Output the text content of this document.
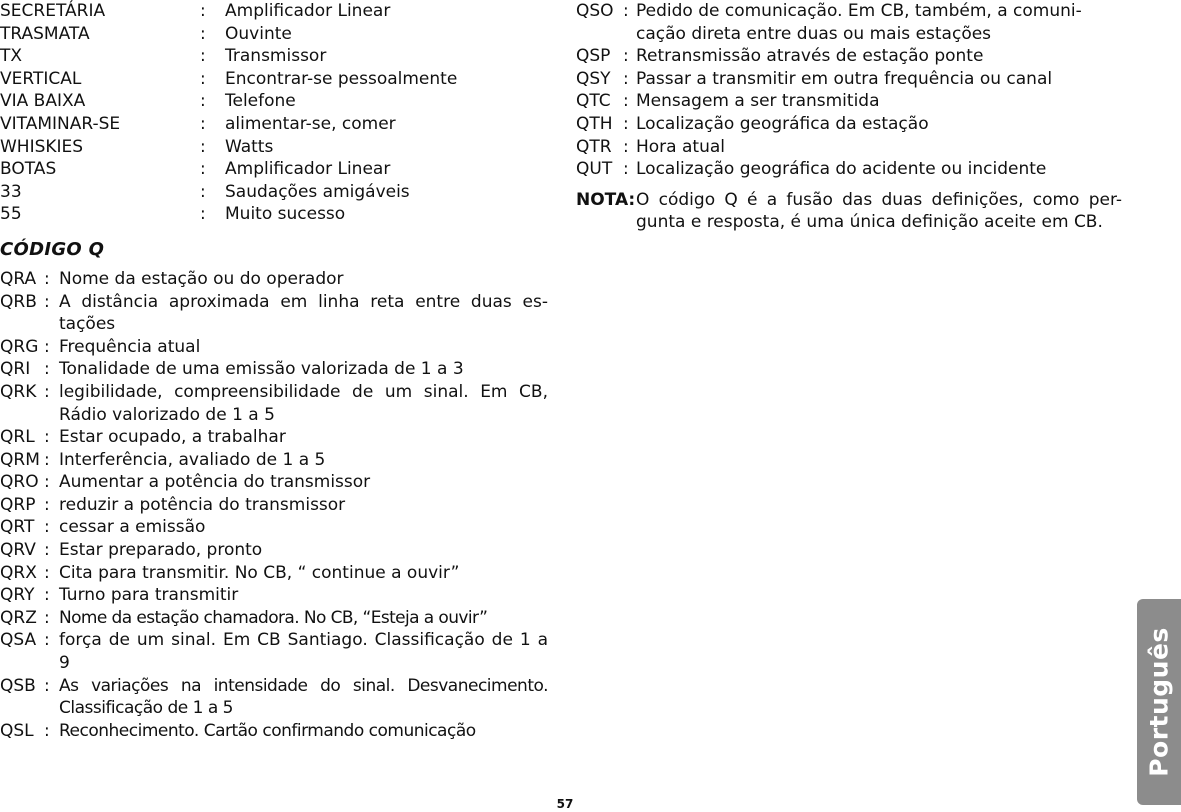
SECRETÁRIA	:	Amplificador Linear
TRASMATA	:	Ouvinte
TX	:	Transmissor
VERTICAL	:	Encontrar-se pessoalmente
VIA BAIXA	:	Telefone
VITAMINAR-SE	:	alimentar-se, comer
WHISKIES	:	Watts
BOTAS	:	Amplificador Linear
33	:	Saudações amigáveis
55	:	Muito sucesso
CÓDIGO Q
QRA : Nome da estação ou do operador
QRB : A distância aproximada em linha reta entre duas es-tações
QRG : Frequência atual
QRI : Tonalidade de uma emissão valorizada de 1 a 3
QRK : legibilidade, compreensibilidade de um sinal. Em CB, Rádio valorizado de 1 a 5
QRL : Estar ocupado, a trabalhar
QRM : Interferência, avaliado de 1 a 5
QRO : Aumentar a potência do transmissor
QRP : reduzir a potência do transmissor
QRT : cessar a emissão
QRV : Estar preparado, pronto
QRX : Cita para transmitir. No CB, “ continue a ouvir”
QRY : Turno para transmitir
QRZ : Nome da estação chamadora. No CB, “Esteja a ouvir”
QSA : força de um sinal. Em CB Santiago. Classificação de 1 a 9
QSB : As variações na intensidade do sinal. Desvanecimento. Classificação de 1 a 5
QSL : Reconhecimento. Cartão confirmando comunicação
QSO : Pedido de comunicação. Em CB, também, a comuni-cação direta entre duas ou mais estações
QSP : Retransmissão através de estação ponte
QSY : Passar a transmitir em outra frequência ou canal
QTC : Mensagem a ser transmitida
QTH : Localização geográfica da estação
QTR : Hora atual
QUT : Localização geográfica do acidente ou incidente
NOTA: O código Q é a fusão das duas definições, como per-gunta e resposta, é uma única definição aceite em CB.
Português
57
